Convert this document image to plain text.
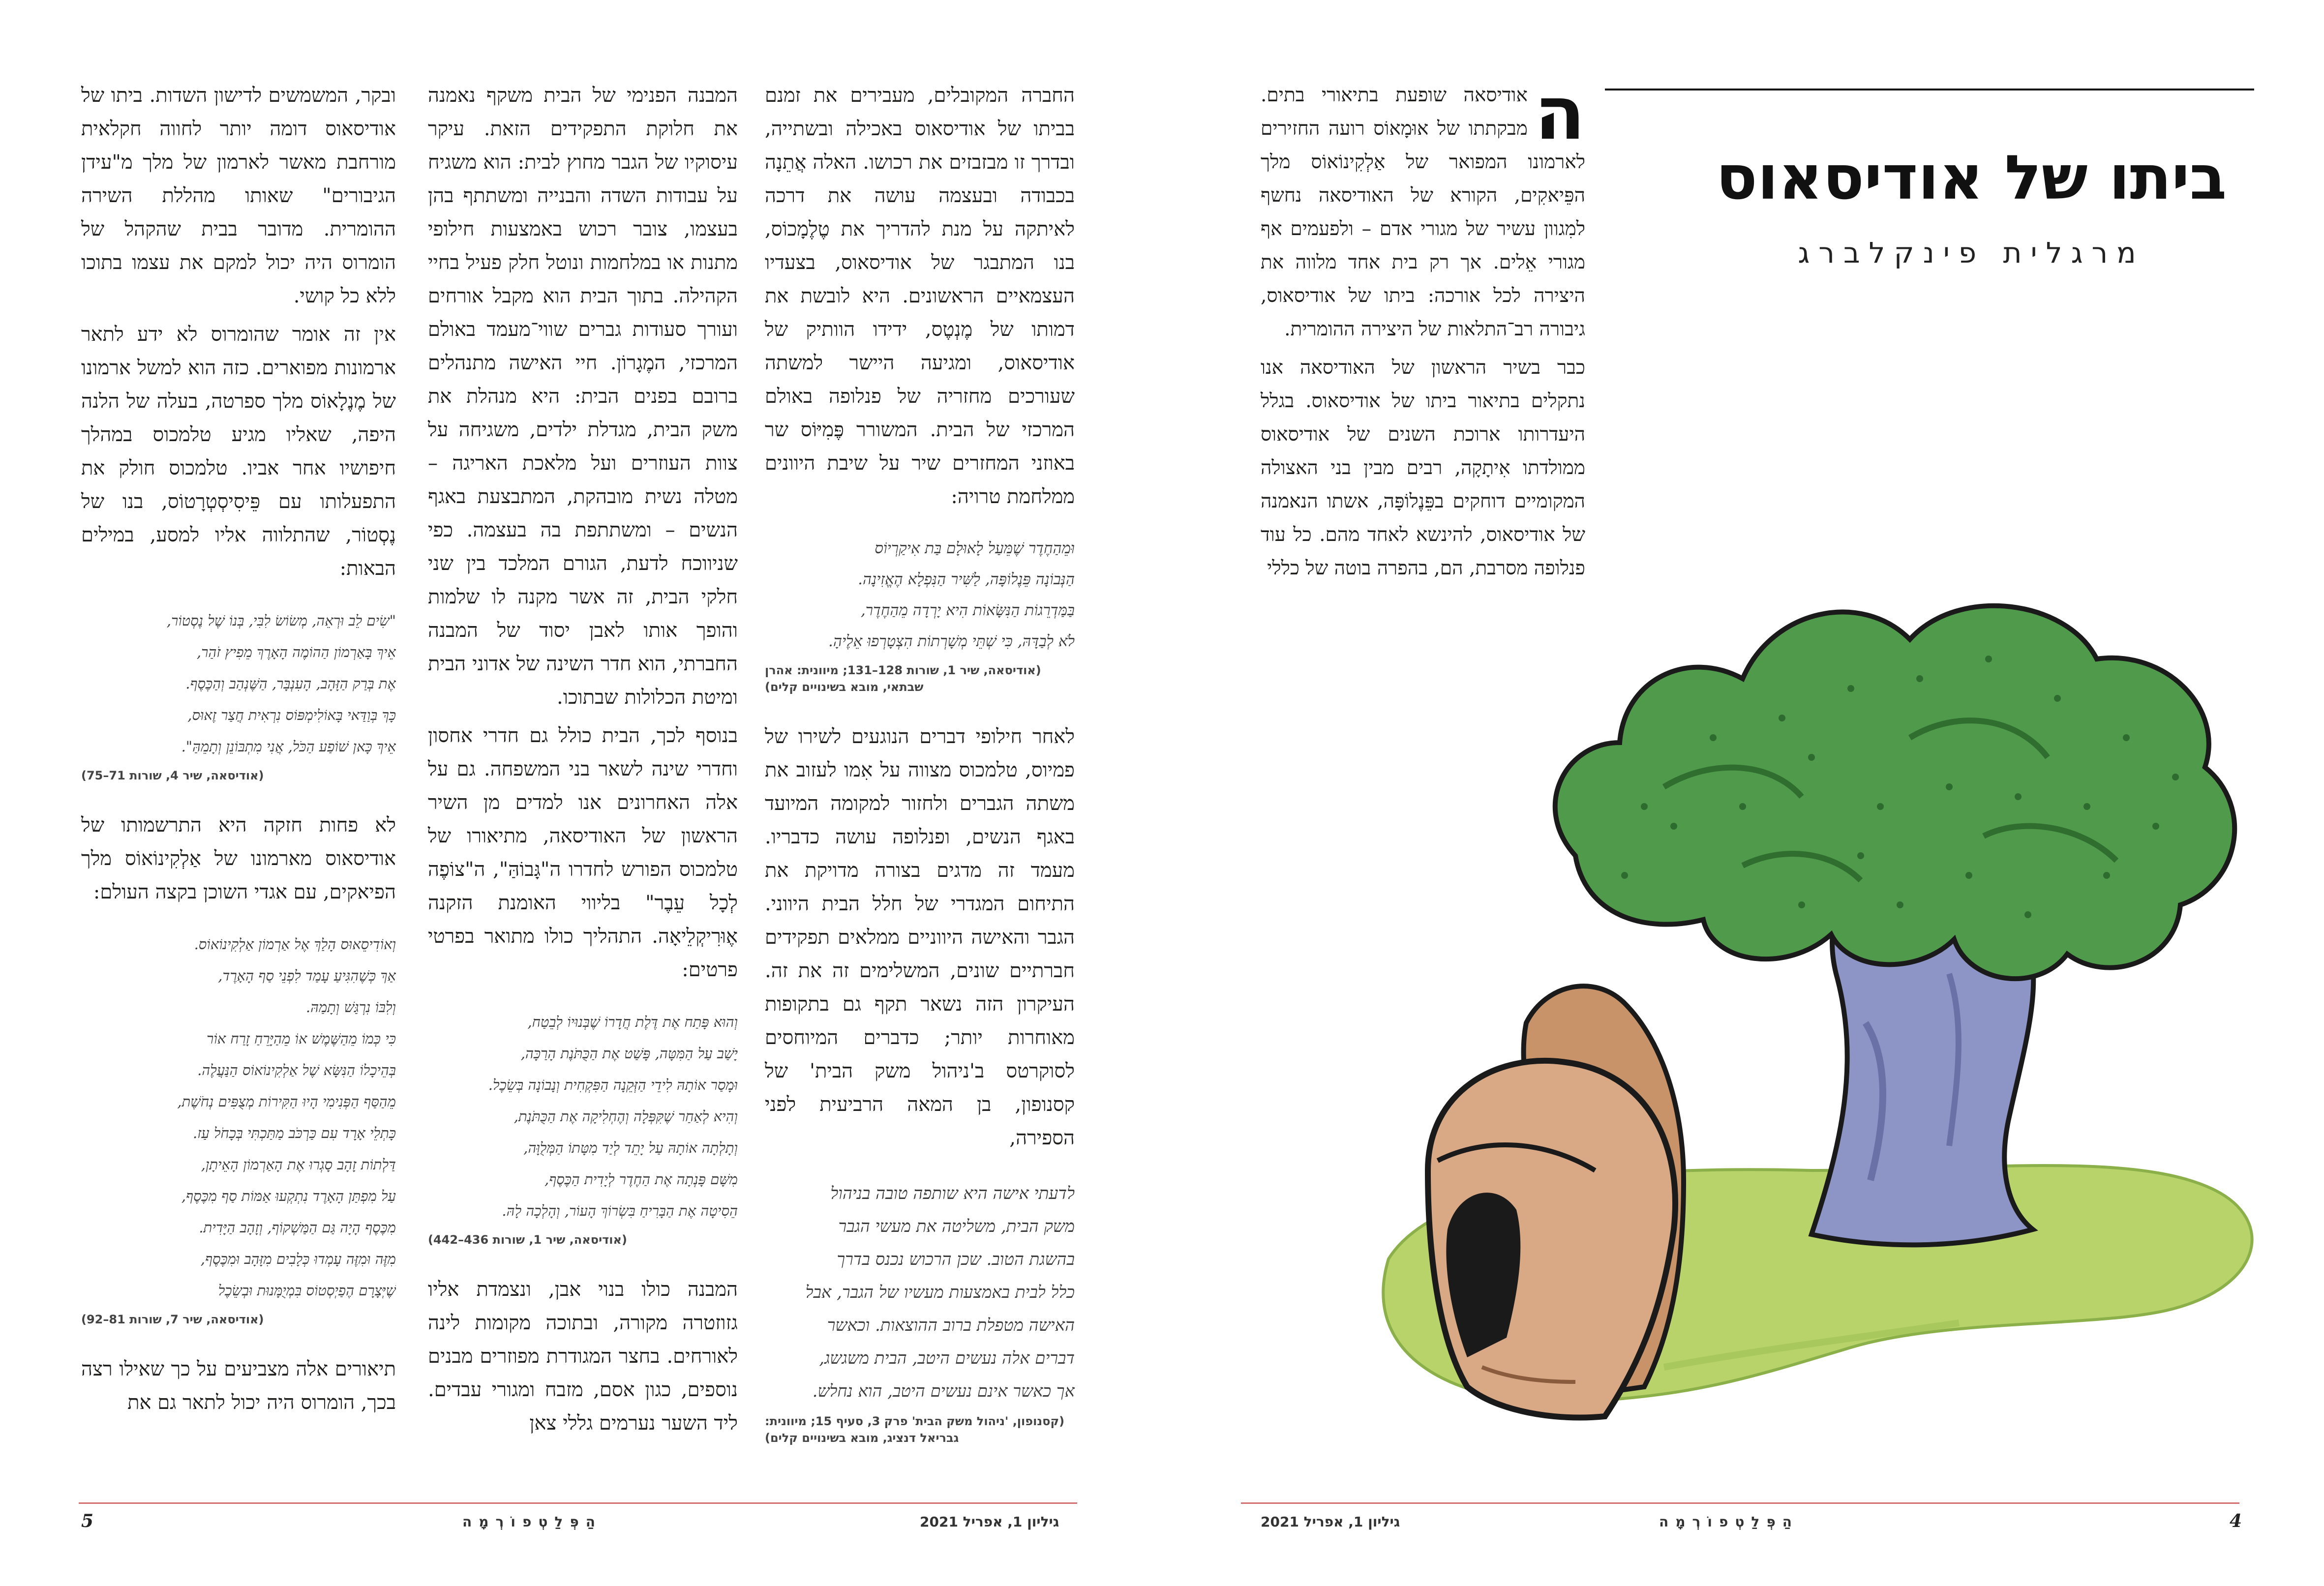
החברה המקובלים, מעבירים את זמנם בביתו של אודיסאוס באכילה ובשתייה, ובדרך זו מבזבזים את רכושו. האלה אֲתֵנָה בכבודה ובעצמה עושה את דרכה לאיתקה על מנת להדריך את טֶלֶמָכוֹס, בנו המתבגר של אודיסאוס, בצעדיו העצמאיים הראשונים. היא לובשת את דמותו של מֶנְטֶס, ידידו הוותיק של אודיסאוס, ומגיעה היישר למשתה שעורכים מחזריה של פנלופה באולם המרכזי של הבית. המשורר פֶּמִיּוֹס שר באוזני המחזרים שיר על שיבת היוונים ממלחמת טרויה:

וּמֵהַחֶדֶר שֶׁמֵּעַל לָאוּלָם בַּת אִיקַרְיוֹס
הַנְּבוֹנָה פֵּנֶלוֹפָּה, לַשִּׁיר הַנִּפְלָא הֶאֱזִינָה.
בַּמַּדְרֵגוֹת הַנִּשָּׂאוֹת הִיא יָרְדָה מֵהַחֶדֶר,
לֹא לְבַדָּהּ, כִּי שְׁתֵּי מְשָׁרְתוֹת הִצְטָרְפוּ אֵלֶיהָ.
(אודיסאה, שיר 1, שורות 128–131; מיוונית: אהרן שבתאי, מובא בשינויים קלים)

לאחר חילופי דברים הנוגעים לשירו של פמיוס, טלמכוס מצווה על אִמו לעזוב את משתה הגברים ולחזור למקומה המיועד באגף הנשים, ופנלופה עושה כדבריו. מעמד זה מדגים בצורה מדויקת את התיחום המגדרי של חלל הבית היווני. הגבר והאישה היווניים ממלאים תפקידים חברתיים שונים, המשלימים זה את זה. העיקרון הזה נשאר תקף גם בתקופות מאוחרות יותר; כדברים המיוחסים לסוקרטס ב'ניהול משק הבית' של קסנופון, בן המאה הרביעית לפני הספירה,

לדעתי אישה היא שותפה טובה בניהול
משק הבית, משליטה את מעשי הגבר
בהשגת הטוב. שכן הרכוש נכנס בדרך
כלל לבית באמצעות מעשיו של הגבר, אבל
האישה מטפלת ברוב ההוצאות. וכאשר
דברים אלה נעשים היטב, הבית משגשג,
אך כאשר אינם נעשים היטב, הוא נחלש.
(קסנופון, 'ניהול משק הבית' פרק 3, סעיף 15; מיוונית: גבריאל דנציג, מובא בשינויים קלים)

המבנה הפנימי של הבית משקף נאמנה את חלוקת התפקידים הזאת. עיקר עיסוקיו של הגבר מחוץ לבית: הוא משגיח על עבודות השדה והבנייה ומשתתף בהן בעצמו, צובר רכוש באמצעות חילופי מתנות או במלחמות ונוטל חלק פעיל בחיי הקהילה. בתוך הבית הוא מקבל אורחים ועורך סעודות גברים שווי־מעמד באולם המרכזי, המֶגָרוֹן. חיי האישה מתנהלים ברובם בפנים הבית: היא מנהלת את משק הבית, מגדלת ילדים, משגיחה על צוות העוזרים ועל מלאכת האריגה – מטלה נשית מובהקת, המתבצעת באגף הנשים – ומשתתפת בה בעצמה. כפי שניווכח לדעת, הגורם המלכד בין שני חלקי הבית, זה אשר מקנה לו שלמות והופך אותו לאבן יסוד של המבנה החברתי, הוא חדר השינה של אדוני הבית ומיטת הכלולות שבתוכו.

בנוסף לכך, הבית כולל גם חדרי אחסון וחדרי שינה לשאר בני המשפחה. גם על אלה האחרונים אנו למדים מן השיר הראשון של האודיסאה, מתיאורו של טלמכוס הפורש לחדרו ה"גָּבוֹהַּ", ה"צוֹפֶה לְכָל עֵבֶר" בליווי האומנת הזקנה אֶוּרִיקְלֵיאָה. התהליך כולו מתואר בפרטי פרטים:

וְהוּא פָּתַח אֶת דֶּלֶת חֲדָרוֹ שֶׁבְּנוּיוֹ לְבֵטַח,
יָשַׁב עַל הַמִּטָּה, פָּשַׁט אֶת הַכֻּתֹּנֶת הָרַכָּה,
וּמָסַר אוֹתָהּ לִידֵי הַזְּקֵנָה הַפִּקְחִית וְנָבוֹנָה בְּשֵׂכֶל.
וְהִיא לְאַחַר שֶׁקִּפְּלָה וְהֶחְלִיקָה אֶת הַכֻּתֹּנֶת,
וְתָלְתָה אוֹתָהּ עַל יָתֵד לְיַד מִטָּתוֹ הַמְּלֻוָּה,
מִשָּׁם פָּנְתָה אֶת הַחֶדֶר לְיָדִית הַכֶּסֶף,
הֵסִיטָה אֶת הַבָּרִיחַ בִּשְׂרוֹךְ הָעוֹר, וְהָלְכָה לָהּ.
(אודיסאה, שיר 1, שורות 436–442)

המבנה כולו בנוי אבן, ונצמדת אליו גזוזטרה מקורה, ובתוכה מקומות לינה לאורחים. בחצר המגודרת מפוזרים מבנים נוספים, כגון אסם, מזבח ומגורי עבדים. ליד השער נערמים גללי צאן

ובקר, המשמשים לדישון השדות. ביתו של אודיסאוס דומה יותר לחווה חקלאית מורחבת מאשר לארמון של מלך מ"עידן הגיבורים" שאותו מהללת השירה ההומרית. מדובר בבית שהקהל של הומרוס היה יכול למקם את עצמו בתוכו ללא כל קושי.

אין זה אומר שהומרוס לא ידע לתאר ארמונות מפוארים. כזה הוא למשל ארמונו של מֶנֶלָאוֹס מלך ספרטה, בעלה של הלנה היפה, שאליו מגיע טלמכוס במהלך חיפושיו אחר אביו. טלמכוס חולק את התפעלותו עם פֵּיסִיסְטְרָטוֹס, בנו של נֶסְטוֹר, שהתלווה אליו למסע, במילים הבאות:

"שִׂים לֵב וּרְאֵה, מְשׂוֹשׂ לִבִּי, בְּנוֹ שֶׁל נֶסְטוֹר,
אֵיךְ בָּאַרְמוֹן הַהוֹמֶה הָאָרֶךְ מֵפִיץ זֹהַר,
אֶת בְּרַק הַזָּהָב, הָעִנְבָּר, הַשֶּׁנְהַב וְהַכֶּסֶף.
כָּךְ בְּוַדַּאי בָּאוֹלִימְפּוֹס נִרְאִית חֲצַר זֶאוּס,
אֵיךְ כָּאן שׁוֹפַע הַכֹּל, אֲנִי מִתְבּוֹנֵן וְתָמֵהַּ".
(אודיסאה, שיר 4, שורות 71–75)

לא פחות חזקה היא התרשמותו של אודיסאוס מארמונו של אַלְקִינוֹאוֹס מלך הפיאקים, עם אגדי השוכן בקצה העולם:

וְאוֹדִיסֵאוּס הָלַךְ אֶל אַרְמוֹן אַלְקִינוֹאוֹס.
אַךְ כְּשֶׁהִגִּיעַ עָמַד לִפְנֵי סַף הָאָרֶד,
וְלִבּוֹ נִרְגַּשׁ וְתָמַהּ.
כִּי כְּמוֹ מֵהַשֶּׁמֶשׁ אוֹ מֵהַיָּרֵחַ זָרַח אוֹר
בְּהֵיכָלוֹ הַנִּשָּׂא שֶׁל אַלְקִינוֹאוֹס הַנַּעֲלֶה.
מֵהַסַּף הַפְּנִימִי הָיוּ הַקִּירוֹת מְצֻפִּים נְחֹשֶׁת,
כָּתְלֵי אָרָד עִם כַּרְכֹּב מַתַּכְתִּי בְּכָחֹל עַז.
דַּלְתוֹת זָהָב סָגְרוּ אֶת הָאַרְמוֹן הָאֵיתָן,
עַל מִפְתַּן הָאָרֶד נִתְקְעוּ אַמּוֹת סַף מִכֶּסֶף,
מִכֶּסֶף הָיָה גַּם הַמַּשְׁקוֹף, וְזָהָב הַיָּדִית.
מִזֶּה וּמִזֶּה עָמְדוּ כְּלָבִים מִזָּהָב וּמִכֶּסֶף,
שֶׁיְּצָרָם הֶפַיְסְטוֹס בִּמְיֻמָּנוּת וּבְשֵׂכֶל
(אודיסאה, שיר 7, שורות 81–92)

תיאורים אלה מצביעים על כך שאילו רצה בכך, הומרוס היה יכול לתאר גם את

5	הַפְּלַטְפוֹרְמָה	גיליון 1, אפריל 2021
ביתו של אודיסאוס
מרגלית פינקלברג

ה
אודיסאה שופעת בתיאורי בתים. מבקתתו של אוּמָאוֹס רועה החזירים לארמונו המפואר של אַלְקִינוֹאוֹס מלך הפֵּיאקִים, הקורא של האודיסאה נחשף למִגוון עשיר של מגורי אדם – ולפעמים אף מגורי אֵלים. אך רק בית אחד מלווה את היצירה לכל אורכה: ביתו של אודיסאוס, גיבורה רב־התלאות של היצירה ההומרית.

כבר בשיר הראשון של האודיסאה אנו נתקלים בתיאור ביתו של אודיסאוס. בגלל היעדרותו ארוכת השנים של אודיסאוס ממולדתו אִיתָקָה, רבים מבין בני האצולה המקומיים דוחקים בפֵּנֶלוֹפָּה, אשתו הנאמנה של אודיסאוס, להינשא לאחד מהם. כל עוד פנלופה מסרבת, הם, בהפרה בוטה של כללי

4
הַפְּלַטְפוֹרְמָה
גיליון 1, אפריל 2021
